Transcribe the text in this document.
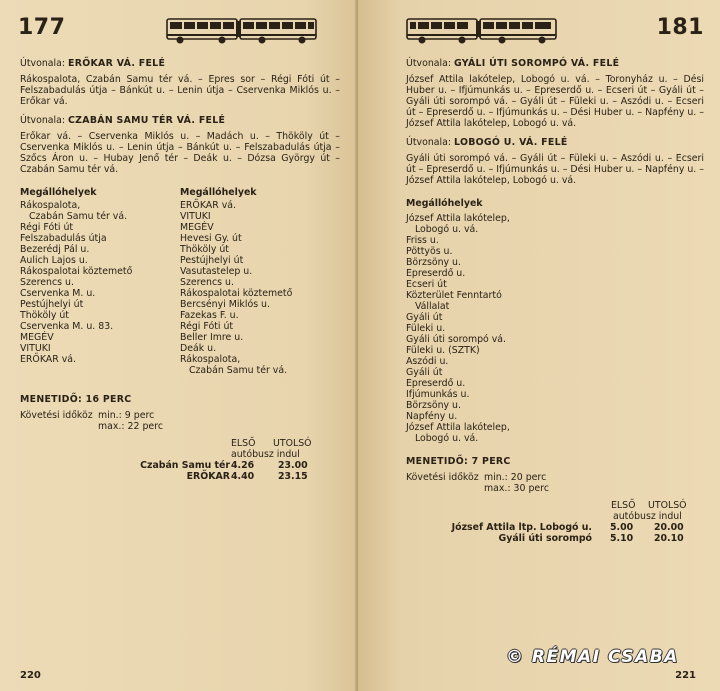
177
Útvonala: ERŐKAR VÁ. FELÉ
Rákospalota, Czabán Samu tér vá. – Epres sor – Régi Fóti út – Felszabadulás útja – Bánkút u. – Lenin útja – Cservenka Miklós u. – Erőkar vá.
Útvonala: CZABÁN SAMU TÉR VÁ. FELÉ
Erőkar vá. – Cservenka Miklós u. – Madách u. – Thököly út – Cservenka Miklós u. – Lenin útja – Bánkút u. – Felszabadulás útja – Szőcs Áron u. – Hubay Jenő tér – Deák u. – Dózsa György út – Czabán Samu tér vá.
Megállóhelyek
Rákospalota,
Czabán Samu tér vá.
Régi Fóti út
Felszabadulás útja
Bezerédj Pál u.
Aulich Lajos u.
Rákospalotai köztemető
Szerencs u.
Cservenka M. u.
Pestújhelyi út
Thököly út
Cservenka M. u. 83.
MEGÉV
VITUKI
ERŐKAR vá.
Megállóhelyek
ERŐKAR vá.
VITUKI
MEGÉV
Hevesi Gy. út
Thököly út
Pestújhelyi út
Vasutastelep u.
Szerencs u.
Rákospalotai köztemető
Bercsényi Miklós u.
Fazekas F. u.
Régi Fóti út
Beller Imre u.
Deák u.
Rákospalota,
Czabán Samu tér vá.
MENETIDŐ: 16 PERC
Követési időköz min.: 9 perc
max.: 22 perc
ELSŐ UTOLSÓ
autóbusz indul
Czabán Samu tér 4.26	23.00
ERŐKAR 4.40	23.15
220
181
Útvonala: GYÁLI ÚTI SOROMPÓ VÁ. FELÉ
József Attila lakótelep, Lobogó u. vá. – Toronyház u. – Dési Huber u. – Ifjúmunkás u. – Epreserdő u. – Ecseri út – Gyáli út – Gyáli úti sorompó vá. – Gyáli út – Füleki u. – Aszódi u. – Ecseri út – Epreserdő u. – Ifjúmunkás u. – Dési Huber u. – Napfény u. – József Attila lakótelep, Lobogó u. vá.
Útvonala: LOBOGÓ U. VÁ. FELÉ
Gyáli úti sorompó vá. – Gyáli út – Füleki u. – Aszódi u. – Ecseri út – Epreserdő u. – Ifjúmunkás u. – Dési Huber u. – Napfény u. – József Attila lakótelep, Lobogó u. vá.
Megállóhelyek
József Attila lakótelep,
Lobogó u. vá.
Friss u.
Pöttyös u.
Börzsöny u.
Epreserdő u.
Ecseri út
Közterület Fenntartó
Vállalat
Gyáli út
Füleki u.
Gyáli úti sorompó vá.
Füleki u. (SZTK)
Aszódi u.
Gyáli út
Epreserdő u.
Ifjúmunkás u.
Börzsöny u.
Napfény u.
József Attila lakótelep,
Lobogó u. vá.
MENETIDŐ: 7 PERC
Követési időköz min.: 20 perc
max.: 30 perc
ELSŐ UTOLSÓ
autóbusz indul
József Attila ltp. Lobogó u. 5.00 20.00
Gyáli úti sorompó 5.10 20.10
221
© RÉMAI CSABA
